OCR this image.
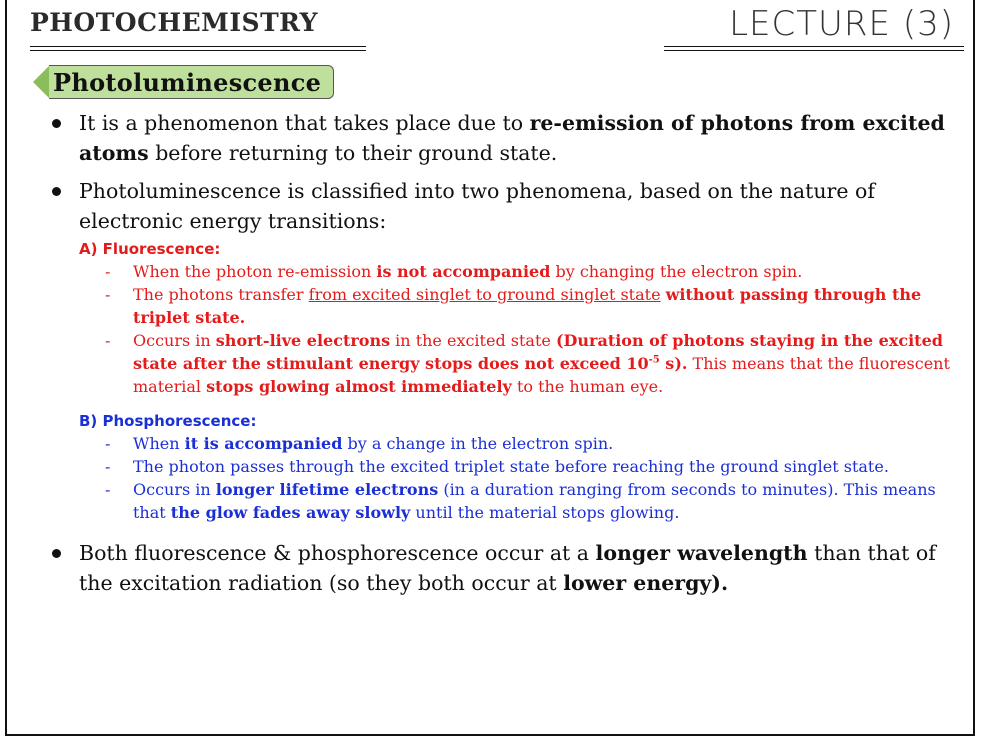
PHOTOCHEMISTRY	LECTURE (3)
Photoluminescence
It is a phenomenon that takes place due to re-emission of photons from excited atoms before returning to their ground state.
Photoluminescence is classified into two phenomena, based on the nature of electronic energy transitions:
A) Fluorescence:
- When the photon re-emission is not accompanied by changing the electron spin.
- The photons transfer from excited singlet to ground singlet state without passing through the triplet state.
- Occurs in short-live electrons in the excited state (Duration of photons staying in the excited state after the stimulant energy stops does not exceed $10^{-5}$ s). This means that the fluorescent material stops glowing almost immediately to the human eye.
B) Phosphorescence:
- When it is accompanied by a change in the electron spin.
- The photon passes through the excited triplet state before reaching the ground singlet state.
- Occurs in longer lifetime electrons (in a duration ranging from seconds to minutes). This means that the glow fades away slowly until the material stops glowing.
Both fluorescence & phosphorescence occur at a longer wavelength than that of the excitation radiation (so they both occur at lower energy).
